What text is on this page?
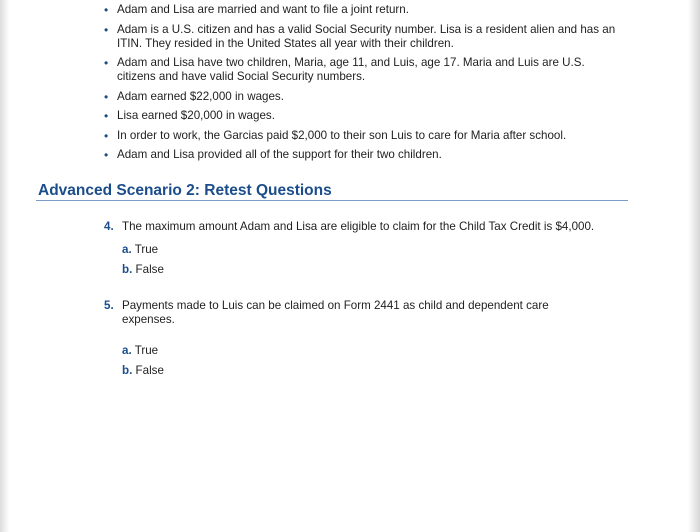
• Adam and Lisa are married and want to file a joint return.
• Adam is a U.S. citizen and has a valid Social Security number. Lisa is a resident alien and has an ITIN. They resided in the United States all year with their children.
• Adam and Lisa have two children, Maria, age 11, and Luis, age 17. Maria and Luis are U.S. citizens and have valid Social Security numbers.
• Adam earned $22,000 in wages.
• Lisa earned $20,000 in wages.
• In order to work, the Garcias paid $2,000 to their son Luis to care for Maria after school.
• Adam and Lisa provided all of the support for their two children.
Advanced Scenario 2: Retest Questions
4. The maximum amount Adam and Lisa are eligible to claim for the Child Tax Credit is $4,000.
a. True
b. False
5. Payments made to Luis can be claimed on Form 2441 as child and dependent care expenses.
a. True
b. False
